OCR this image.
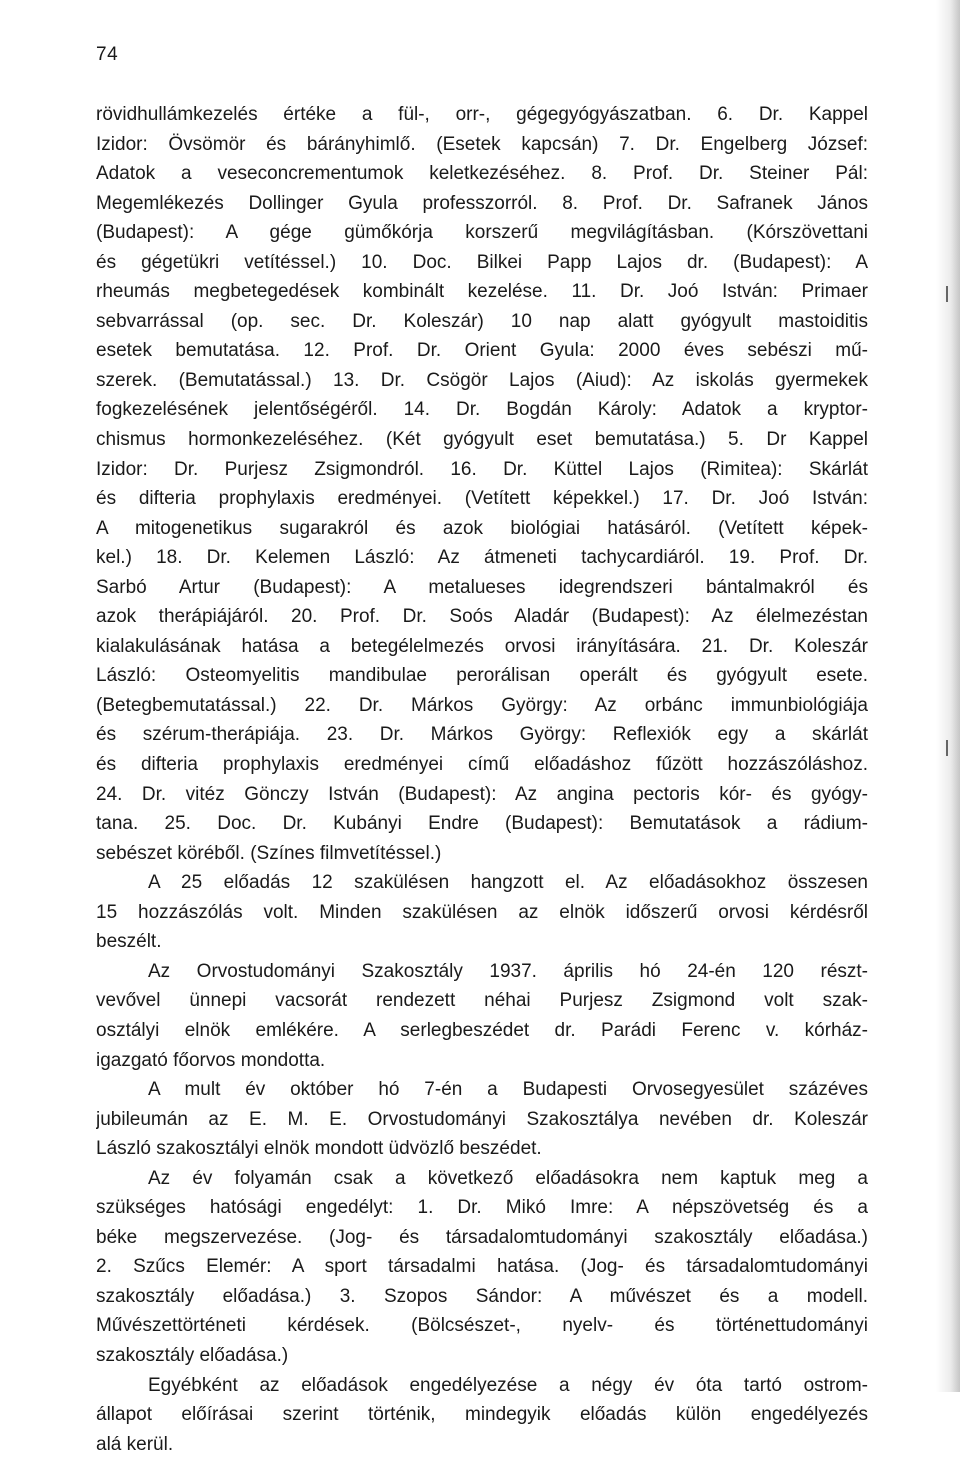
74
rövidhullámkezelés értéke a fül-, orr-, gégegyógyászatban. 6. Dr. Kappel
Izidor: Övsömör és bárányhimlő. (Esetek kapcsán) 7. Dr. Engelberg József:
Adatok a veseconcrementumok keletkezéséhez. 8. Prof. Dr. Steiner Pál:
Megemlékezés Dollinger Gyula professzorról. 8. Prof. Dr. Safranek János
(Budapest): A gége gümőkórja korszerű megvilágításban. (Kórszövettani
és gégetükri vetítéssel.) 10. Doc. Bilkei Papp Lajos dr. (Budapest): A
rheumás megbetegedések kombinált kezelése. 11. Dr. Joó István: Primaer
sebvarrással (op. sec. Dr. Koleszár) 10 nap alatt gyógyult mastoiditis
esetek bemutatása. 12. Prof. Dr. Orient Gyula: 2000 éves sebészi mű-
szerek. (Bemutatással.) 13. Dr. Csögör Lajos (Aiud): Az iskolás gyermekek
fogkezelésének jelentőségéről. 14. Dr. Bogdán Károly: Adatok a kryptor-
chismus hormonkezeléséhez. (Két gyógyult eset bemutatása.) 5. Dr Kappel
Izidor: Dr. Purjesz Zsigmondról. 16. Dr. Küttel Lajos (Rimitea): Skárlát
és difteria prophylaxis eredményei. (Vetített képekkel.) 17. Dr. Joó István:
A mitogenetikus sugarakról és azok biológiai hatásáról. (Vetített képek-
kel.) 18. Dr. Kelemen László: Az átmeneti tachycardiáról. 19. Prof. Dr.
Sarbó Artur (Budapest): A metalueses idegrendszeri bántalmakról és
azok therápiájáról. 20. Prof. Dr. Soós Aladár (Budapest): Az élelmezéstan
kialakulásának hatása a betegélelmezés orvosi irányítására. 21. Dr. Koleszár
László: Osteomyelitis mandibulae perorálisan operált és gyógyult esete.
(Betegbemutatással.) 22. Dr. Márkos György: Az orbánc immunbiológiája
és szérum-therápiája. 23. Dr. Márkos György: Reflexiók egy a skárlát
és difteria prophylaxis eredményei című előadáshoz fűzött hozzászóláshoz.
24. Dr. vitéz Gönczy István (Budapest): Az angina pectoris kór- és gyógy-
tana. 25. Doc. Dr. Kubányi Endre (Budapest): Bemutatások a rádium-
sebészet köréből. (Színes filmvetítéssel.)
A 25 előadás 12 szakülésen hangzott el. Az előadásokhoz összesen
15 hozzászólás volt. Minden szakülésen az elnök időszerű orvosi kérdésről
beszélt.
Az Orvostudományi Szakosztály 1937. április hó 24-én 120 részt-
vevővel ünnepi vacsorát rendezett néhai Purjesz Zsigmond volt szak-
osztályi elnök emlékére. A serlegbeszédet dr. Parádi Ferenc v. kórház-
igazgató főorvos mondotta.
A mult év október hó 7-én a Budapesti Orvosegyesület százéves
jubileumán az E. M. E. Orvostudományi Szakosztálya nevében dr. Koleszár
László szakosztályi elnök mondott üdvözlő beszédet.
Az év folyamán csak a következő előadásokra nem kaptuk meg a
szükséges hatósági engedélyt: 1. Dr. Mikó Imre: A népszövetség és a
béke megszervezése. (Jog- és társadalomtudományi szakosztály előadása.)
2. Szűcs Elemér: A sport társadalmi hatása. (Jog- és társadalomtudományi
szakosztály előadása.) 3. Szopos Sándor: A művészet és a modell.
Művészettörténeti kérdések. (Bölcsészet-, nyelv- és történettudományi
szakosztály előadása.)
Egyébként az előadások engedélyezése a négy év óta tartó ostrom-
állapot előírásai szerint történik, mindegyik előadás külön engedélyezés
alá kerül.
